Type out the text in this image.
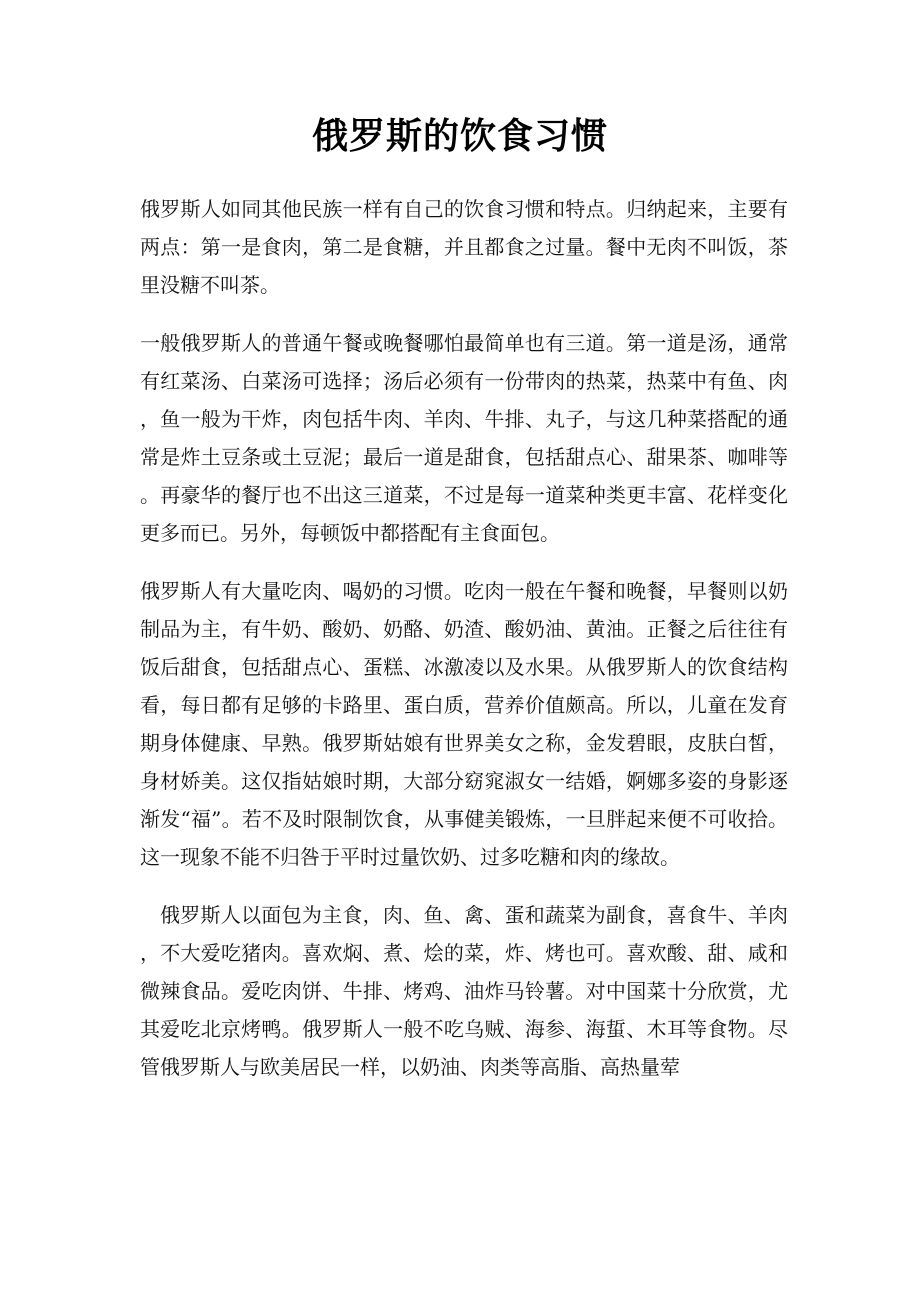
俄罗斯的饮食习惯

俄罗斯人如同其他民族一样有自己的饮食习惯和特点。归纳起来，主要有两点：第一是食肉，第二是食糖，并且都食之过量。餐中无肉不叫饭，茶里没糖不叫茶。

一般俄罗斯人的普通午餐或晚餐哪怕最简单也有三道。第一道是汤，通常有红菜汤、白菜汤可选择；汤后必须有一份带肉的热菜，热菜中有鱼、肉，鱼一般为干炸，肉包括牛肉、羊肉、牛排、丸子，与这几种菜搭配的通常是炸土豆条或土豆泥；最后一道是甜食，包括甜点心、甜果茶、咖啡等。再豪华的餐厅也不出这三道菜，不过是每一道菜种类更丰富、花样变化更多而已。另外，每顿饭中都搭配有主食面包。

俄罗斯人有大量吃肉、喝奶的习惯。吃肉一般在午餐和晚餐，早餐则以奶制品为主，有牛奶、酸奶、奶酪、奶渣、酸奶油、黄油。正餐之后往往有饭后甜食，包括甜点心、蛋糕、冰激凌以及水果。从俄罗斯人的饮食结构看，每日都有足够的卡路里、蛋白质，营养价值颇高。所以，儿童在发育期身体健康、早熟。俄罗斯姑娘有世界美女之称，金发碧眼，皮肤白皙，身材娇美。这仅指姑娘时期，大部分窈窕淑女一结婚，婀娜多姿的身影逐渐发“福”。若不及时限制饮食，从事健美锻炼，一旦胖起来便不可收拾。这一现象不能不归咎于平时过量饮奶、过多吃糖和肉的缘故。

俄罗斯人以面包为主食，肉、鱼、禽、蛋和蔬菜为副食，喜食牛、羊肉，不大爱吃猪肉。喜欢焖、煮、烩的菜，炸、烤也可。喜欢酸、甜、咸和微辣食品。爱吃肉饼、牛排、烤鸡、油炸马铃薯。对中国菜十分欣赏，尤其爱吃北京烤鸭。俄罗斯人一般不吃乌贼、海参、海蜇、木耳等食物。尽管俄罗斯人与欧美居民一样，以奶油、肉类等高脂、高热量荤
